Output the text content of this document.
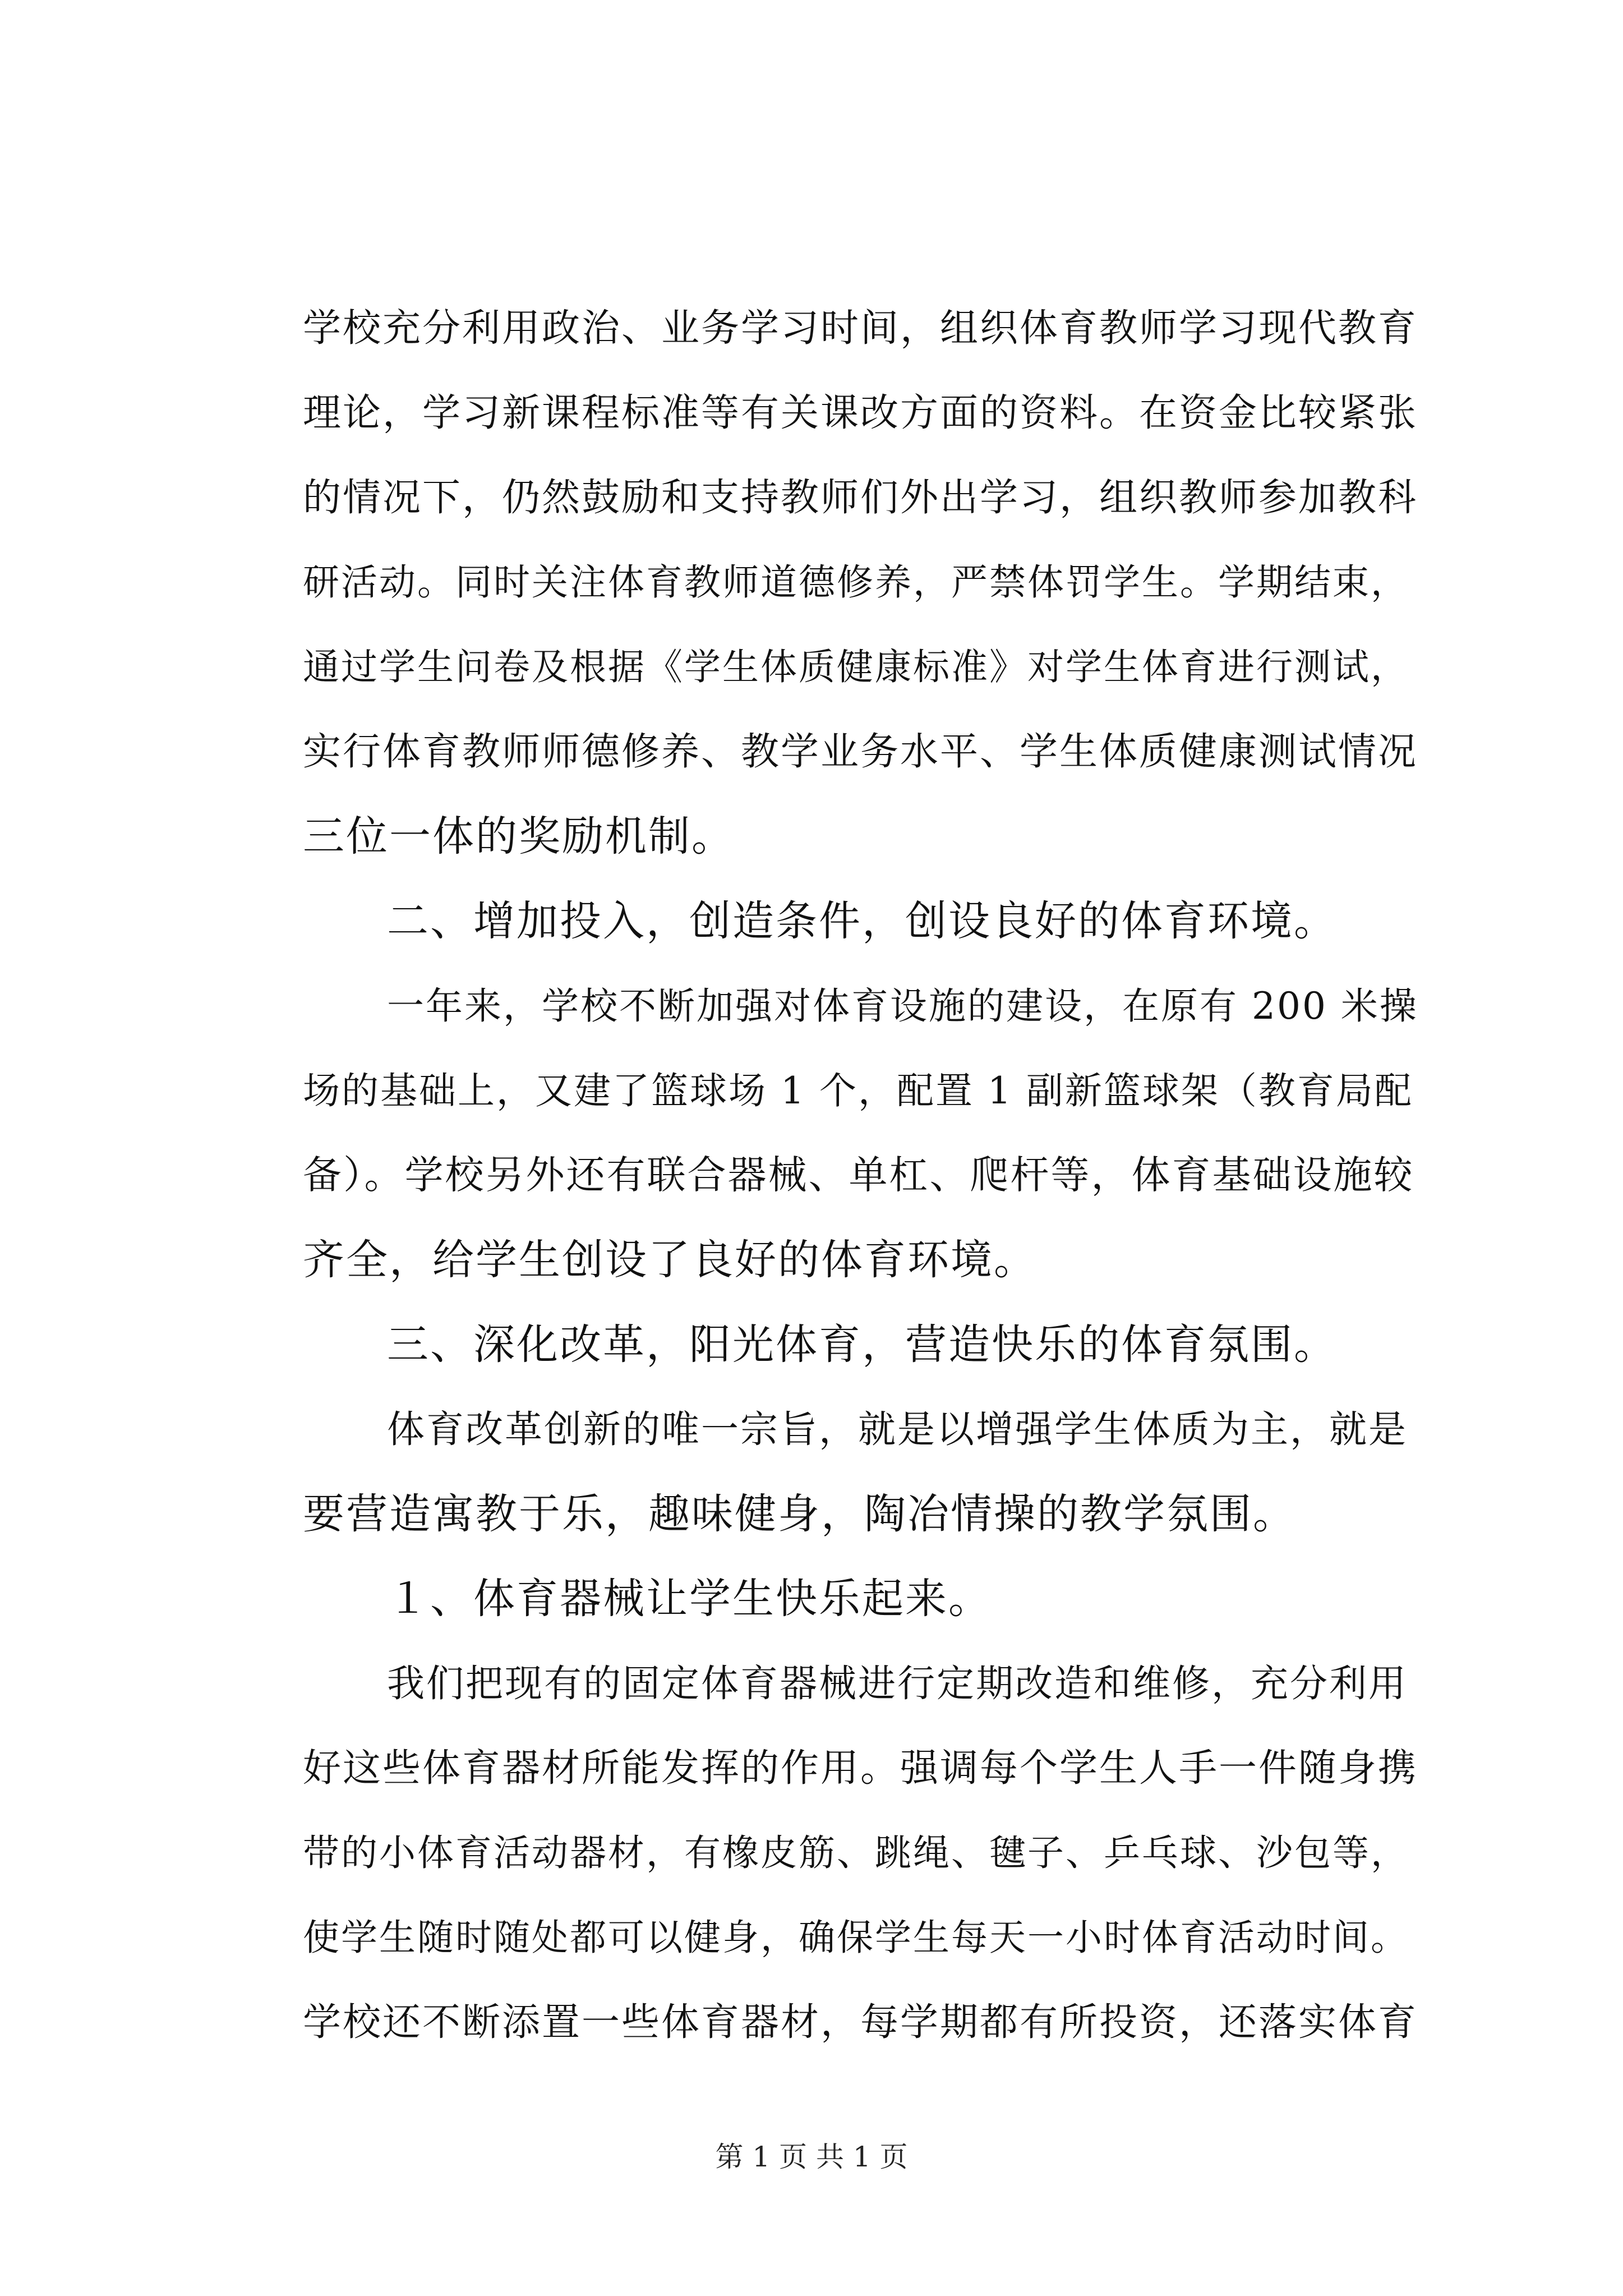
学校充分利用政治、业务学习时间，组织体育教师学习现代教育
理论，学习新课程标准等有关课改方面的资料。在资金比较紧张
的情况下，仍然鼓励和支持教师们外出学习，组织教师参加教科
研活动。同时关注体育教师道德修养，严禁体罚学生。学期结束，
通过学生问卷及根据《学生体质健康标准》对学生体育进行测试，
实行体育教师师德修养、教学业务水平、学生体质健康测试情况
三位一体的奖励机制。
二、增加投入，创造条件，创设良好的体育环境。
一年来，学校不断加强对体育设施的建设，在原有 200 米操
场的基础上，又建了篮球场 1 个，配置 1 副新篮球架（教育局配
备）。学校另外还有联合器械、单杠、爬杆等，体育基础设施较
齐全，给学生创设了良好的体育环境。
三、深化改革，阳光体育，营造快乐的体育氛围。
体育改革创新的唯一宗旨，就是以增强学生体质为主，就是
要营造寓教于乐，趣味健身，陶冶情操的教学氛围。
１、体育器械让学生快乐起来。
我们把现有的固定体育器械进行定期改造和维修，充分利用
好这些体育器材所能发挥的作用。强调每个学生人手一件随身携
带的小体育活动器材，有橡皮筋、跳绳、毽子、乒乓球、沙包等，
使学生随时随处都可以健身，确保学生每天一小时体育活动时间。
学校还不断添置一些体育器材，每学期都有所投资，还落实体育
第 1 页 共 1 页
